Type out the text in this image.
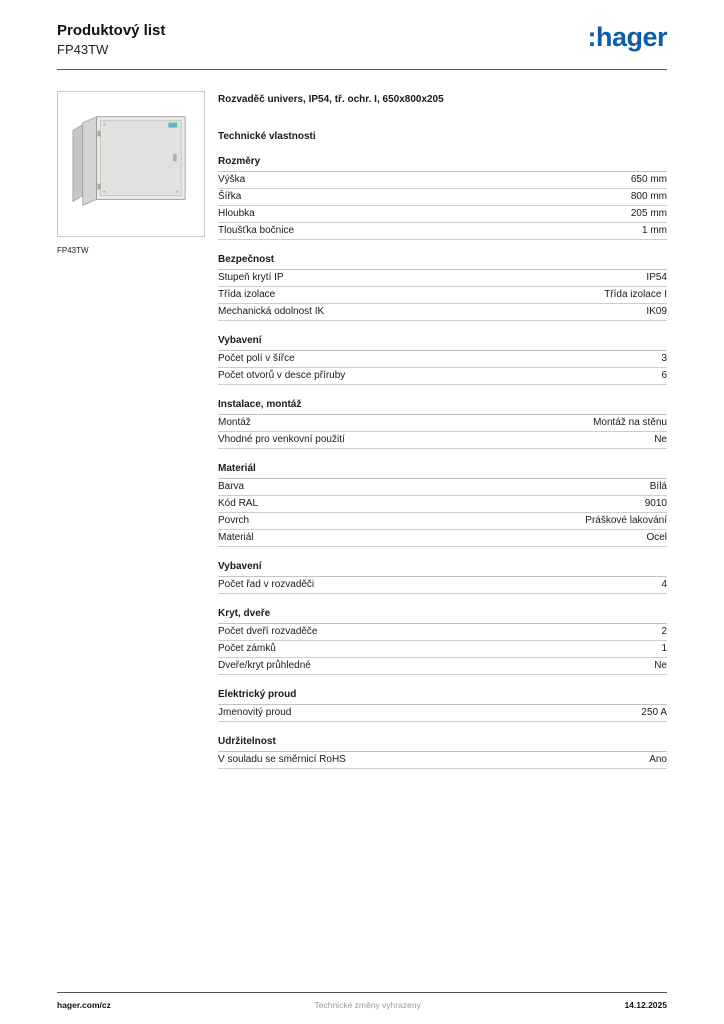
Produktový list
FP43TW	:hager
FP43TW
Rozvaděč univers, IP54, tř. ochr. I, 650x800x205
Technické vlastnosti
Rozměry
Výška	650 mm
Šířka	800 mm
Hloubka	205 mm
Tloušťka bočnice	1 mm
Bezpečnost
Stupeň krytí IP	IP54
Třída izolace	Třída izolace I
Mechanická odolnost IK	IK09
Vybavení
Počet polí v šířce	3
Počet otvorů v desce příruby	6
Instalace, montáž
Montáž	Montáž na stěnu
Vhodné pro venkovní použití	Ne
Materiál
Barva	Bílá
Kód RAL	9010
Povrch	Práškové lakování
Materiál	Ocel
Vybavení
Počet řad v rozvaděči	4
Kryt, dveře
Počet dveří rozvaděče	2
Počet zámků	1
Dveře/kryt průhledné	Ne
Elektrický proud
Jmenovitý proud	250 A
Udržitelnost
V souladu se směrnicí RoHS	Ano
hager.com/cz	Technické změny vyhrazeny	14.12.2025
